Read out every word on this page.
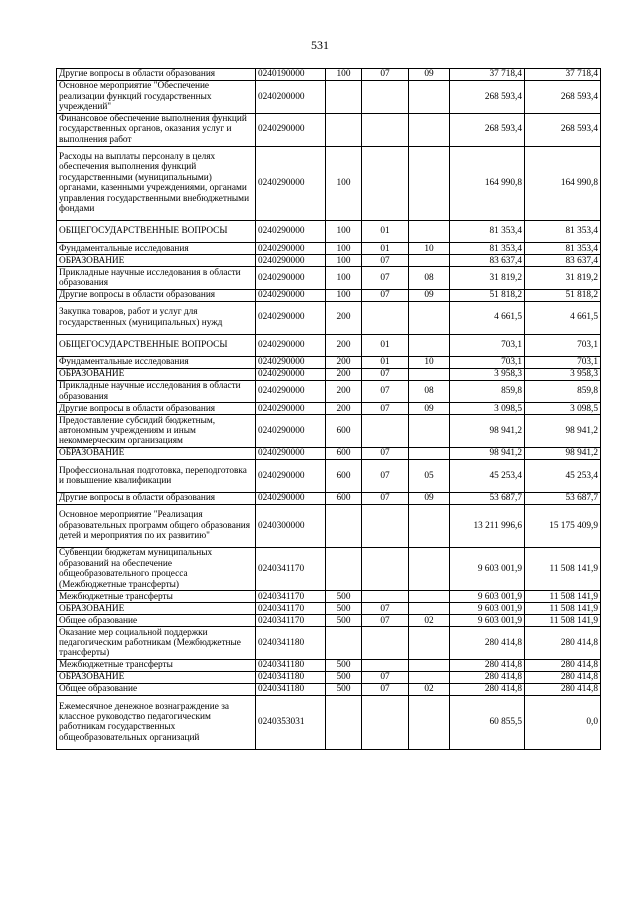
531
Другие вопросы в области образования	0240190000	100	07	09	37 718,4	37 718,4
Основное мероприятие "Обеспечение реализации функций государственных учреждений"	0240200000				268 593,4	268 593,4
Финансовое обеспечение выполнения функций государственных органов, оказания услуг и выполнения работ	0240290000				268 593,4	268 593,4
Расходы на выплаты персоналу в целях обеспечения выполнения функций государственными (муниципальными) органами, казенными учреждениями, органами управления государственными внебюджетными фондами	0240290000	100			164 990,8	164 990,8
ОБЩЕГОСУДАРСТВЕННЫЕ ВОПРОСЫ	0240290000	100	01		81 353,4	81 353,4
Фундаментальные исследования	0240290000	100	01	10	81 353,4	81 353,4
ОБРАЗОВАНИЕ	0240290000	100	07		83 637,4	83 637,4
Прикладные научные исследования в области образования	0240290000	100	07	08	31 819,2	31 819,2
Другие вопросы в области образования	0240290000	100	07	09	51 818,2	51 818,2
Закупка товаров, работ и услуг для государственных (муниципальных) нужд	0240290000	200			4 661,5	4 661,5
ОБЩЕГОСУДАРСТВЕННЫЕ ВОПРОСЫ	0240290000	200	01		703,1	703,1
Фундаментальные исследования	0240290000	200	01	10	703,1	703,1
ОБРАЗОВАНИЕ	0240290000	200	07		3 958,3	3 958,3
Прикладные научные исследования в области образования	0240290000	200	07	08	859,8	859,8
Другие вопросы в области образования	0240290000	200	07	09	3 098,5	3 098,5
Предоставление субсидий бюджетным, автономным учреждениям и иным некоммерческим организациям	0240290000	600			98 941,2	98 941,2
ОБРАЗОВАНИЕ	0240290000	600	07		98 941,2	98 941,2
Профессиональная подготовка, переподготовка и повышение квалификации	0240290000	600	07	05	45 253,4	45 253,4
Другие вопросы в области образования	0240290000	600	07	09	53 687,7	53 687,7
Основное мероприятие "Реализация образовательных программ общего образования детей и мероприятия по их развитию"	0240300000				13 211 996,6	15 175 409,9
Субвенции бюджетам муниципальных образований на обеспечение общеобразовательного процесса (Межбюджетные трансферты)	0240341170				9 603 001,9	11 508 141,9
Межбюджетные трансферты	0240341170	500			9 603 001,9	11 508 141,9
ОБРАЗОВАНИЕ	0240341170	500	07		9 603 001,9	11 508 141,9
Общее образование	0240341170	500	07	02	9 603 001,9	11 508 141,9
Оказание мер социальной поддержки педагогическим работникам (Межбюджетные трансферты)	0240341180				280 414,8	280 414,8
Межбюджетные трансферты	0240341180	500			280 414,8	280 414,8
ОБРАЗОВАНИЕ	0240341180	500	07		280 414,8	280 414,8
Общее образование	0240341180	500	07	02	280 414,8	280 414,8
Ежемесячное денежное вознаграждение за классное руководство педагогическим работникам государственных общеобразовательных организаций	0240353031				60 855,5	0,0
